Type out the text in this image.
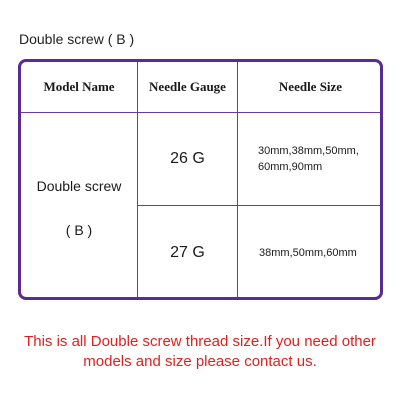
Double screw ( B )
Model Name	Needle Gauge	Needle Size
Double screw
( B )
26 G	30mm,38mm,50mm,
60mm,90mm
27 G	38mm,50mm,60mm
This is all Double screw thread size.If you need other
models and size please contact us.
